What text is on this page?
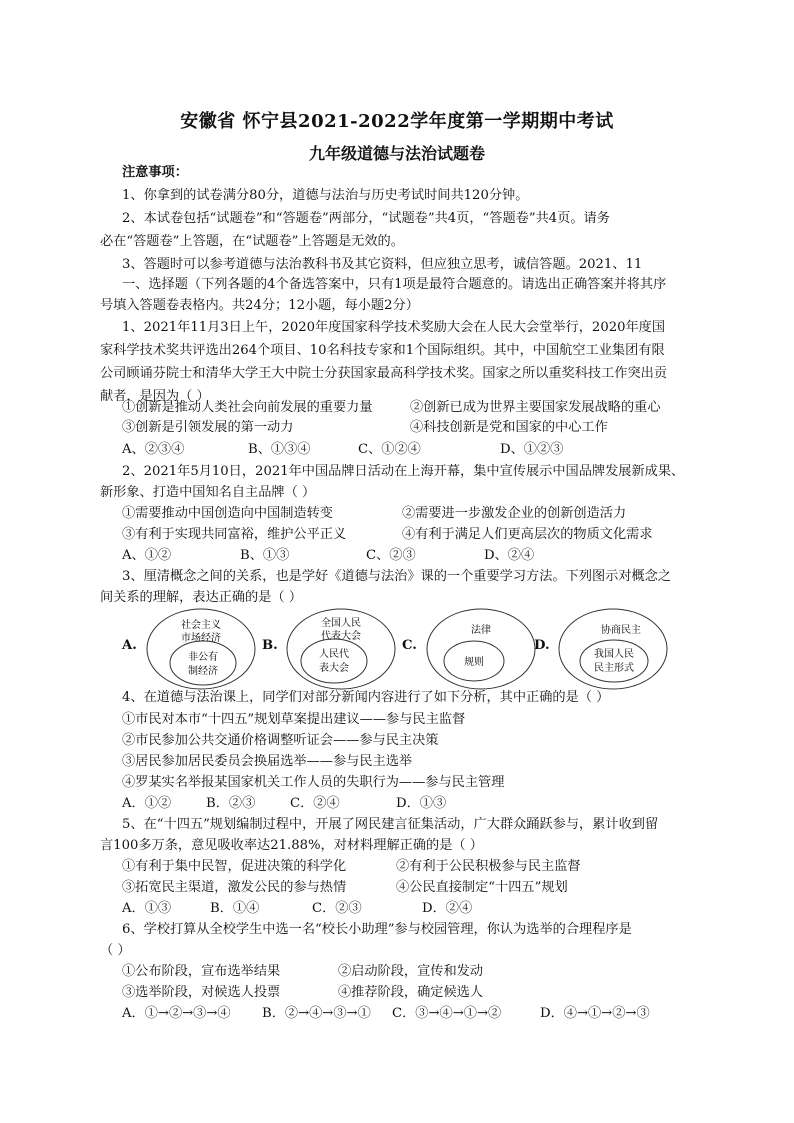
安徽省 怀宁县2021-2022学年度第一学期期中考试
九年级道德与法治试题卷
注意事项：
1、你拿到的试卷满分80分，道德与法治与历史考试时间共120分钟。
2、本试卷包括“试题卷”和“答题卷”两部分，“试题卷”共4页，“答题卷”共4页。请务
必在“答题卷”上答题，在“试题卷”上答题是无效的。
3、答题时可以参考道德与法治教科书及其它资料，但应独立思考，诚信答题。2021、11
一、选择题（下列各题的4个备选答案中，只有1项是最符合题意的。请选出正确答案并将其序
号填入答题卷表格内。共24分；12小题，每小题2分）
1、2021年11月3日上午，2020年度国家科学技术奖励大会在人民大会堂举行，2020年度国
家科学技术奖共评选出264个项目、10名科技专家和1个国际组织。其中，中国航空工业集团有限
公司顾诵芬院士和清华大学王大中院士分获国家最高科学技术奖。国家之所以重奖科技工作突出贡
献者，是因为（ ）
①创新是推动人类社会向前发展的重要力量	②创新已成为世界主要国家发展战略的重心
③创新是引领发展的第一动力	④科技创新是党和国家的中心工作
A、②③④	B、①③④	C、①②④	D、①②③
2、2021年5月10日，2021年中国品牌日活动在上海开幕，集中宣传展示中国品牌发展新成果、
新形象、打造中国知名自主品牌（ ）
①需要推动中国创造向中国制造转变	②需要进一步激发企业的创新创造活力
③有利于实现共同富裕，维护公平正义	④有利于满足人们更高层次的物质文化需求
A、①②	B、①③	C、②③	D、②④
3、厘清概念之间的关系，也是学好《道德与法治》课的一个重要学习方法。下列图示对概念之
间关系的理解，表达正确的是（ ）
A.
社会主义
市场经济
非公有
制经济
B.
全国人民
代表大会
人民代
表大会
C.
法律
规则
D.
协商民主
我国人民
民主形式
4、在道德与法治课上，同学们对部分新闻内容进行了如下分析，其中正确的是（ ）
①市民对本市“十四五”规划草案提出建议——参与民主监督
②市民参加公共交通价格调整听证会——参与民主决策
③居民参加居民委员会换届选举——参与民主选举
④罗某实名举报某国家机关工作人员的失职行为——参与民主管理
A．①②	B．②③	C．②④	D．①③
5、在“十四五”规划编制过程中，开展了网民建言征集活动，广大群众踊跃参与，累计收到留
言100多万条，意见吸收率达21.88%，对材料理解正确的是（ ）
①有利于集中民智，促进决策的科学化	②有利于公民积极参与民主监督
③拓宽民主渠道，激发公民的参与热情	④公民直接制定“十四五”规划
A．①③	B．①④	C．②③	D．②④
6、学校打算从全校学生中选一名“校长小助理”参与校园管理，你认为选举的合理程序是
（ ）
①公布阶段，宣布选举结果	②启动阶段，宣传和发动
③选举阶段，对候选人投票	④推荐阶段，确定候选人
A．①→②→③→④ B．②→④→③→① C．③→④→①→②	D．④→①→②→③
